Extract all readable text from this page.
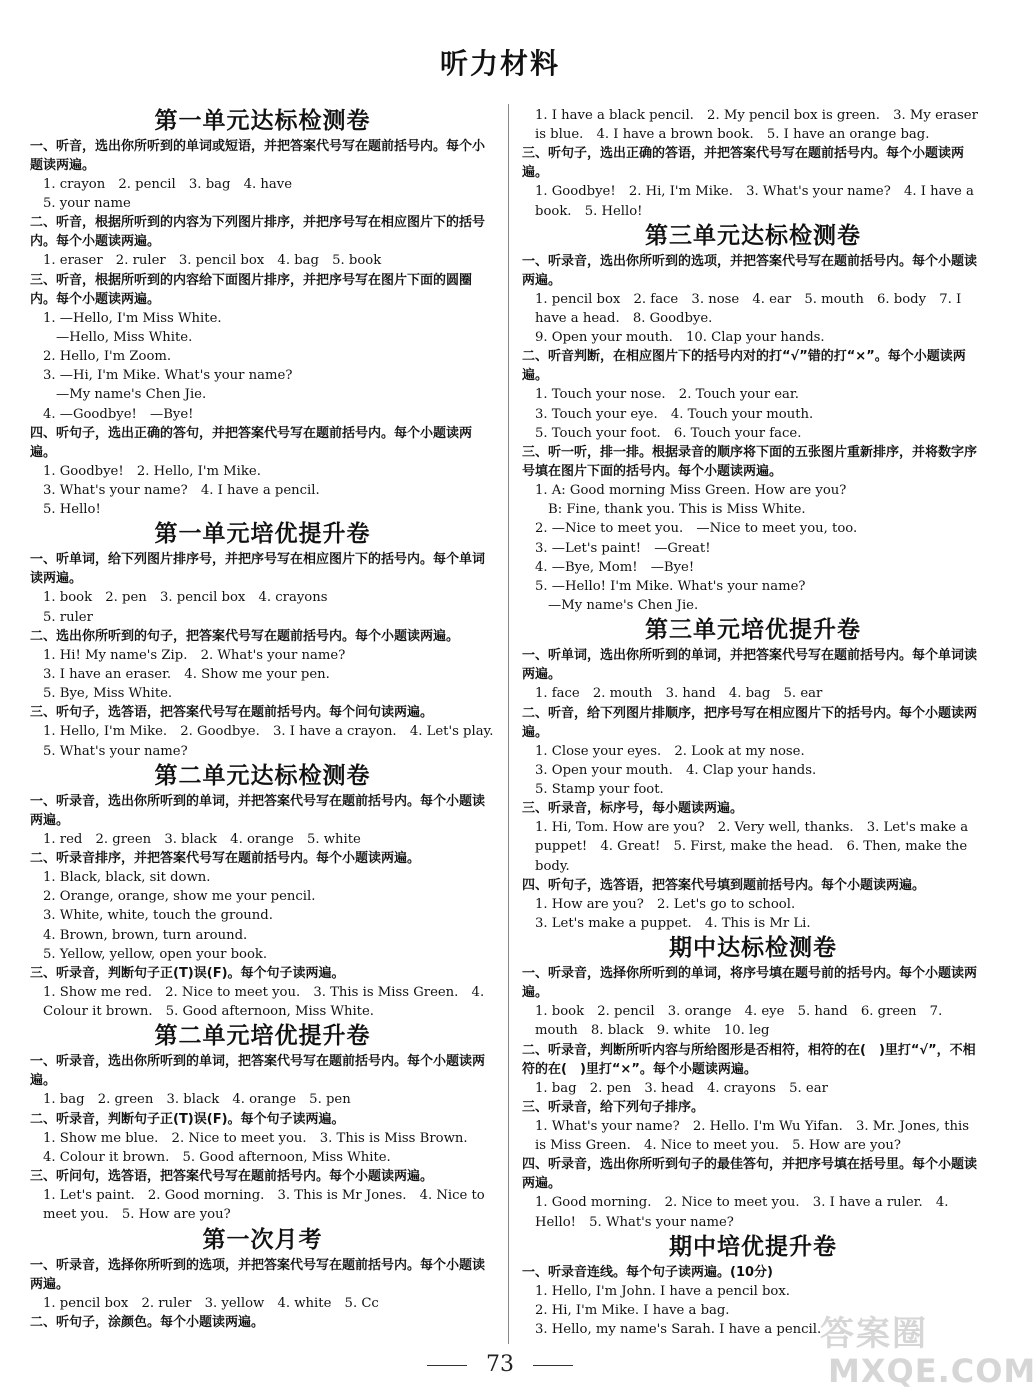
听力材料
第一单元达标检测卷
一、听音，选出你所听到的单词或短语，并把答案代号写在题前括号内。每个小题读两遍。
1. crayon　2. pencil　3. bag　4. have
5. your name
二、听音，根据所听到的内容为下列图片排序，并把序号写在相应图片下的括号内。每个小题读两遍。
1. eraser　2. ruler　3. pencil box　4. bag　5. book
三、听音，根据所听到的内容给下面图片排序，并把序号写在图片下面的圆圈内。每个小题读两遍。
1. —Hello, I'm Miss White.
—Hello, Miss White.
2. Hello, I'm Zoom.
3. —Hi, I'm Mike. What's your name?
—My name's Chen Jie.
4. —Goodbye!　—Bye!
四、听句子，选出正确的答句，并把答案代号写在题前括号内。每个小题读两遍。
1. Goodbye!　2. Hello, I'm Mike.
3. What's your name?　4. I have a pencil.
5. Hello!
第一单元培优提升卷
一、听单词，给下列图片排序号，并把序号写在相应图片下的括号内。每个单词读两遍。
1. book　2. pen　3. pencil box　4. crayons
5. ruler
二、选出你所听到的句子，把答案代号写在题前括号内。每个小题读两遍。
1. Hi! My name's Zip.　2. What's your name?
3. I have an eraser.　4. Show me your pen.
5. Bye, Miss White.
三、听句子，选答语，把答案代号写在题前括号内。每个问句读两遍。
1. Hello, I'm Mike.　2. Goodbye.　3. I have a crayon.　4. Let's play.　5. What's your name?
第二单元达标检测卷
一、听录音，选出你所听到的单词，并把答案代号写在题前括号内。每个小题读两遍。
1. red　2. green　3. black　4. orange　5. white
二、听录音排序，并把答案代号写在题前括号内。每个小题读两遍。
1. Black, black, sit down.
2. Orange, orange, show me your pencil.
3. White, white, touch the ground.
4. Brown, brown, turn around.
5. Yellow, yellow, open your book.
三、听录音，判断句子正(T)误(F)。每个句子读两遍。
1. Show me red.　2. Nice to meet you.　3. This is Miss Green.　4. Colour it brown.　5. Good afternoon, Miss White.
第二单元培优提升卷
一、听录音，选出你所听到的单词，把答案代号写在题前括号内。每个小题读两遍。
1. bag　2. green　3. black　4. orange　5. pen
二、听录音，判断句子正(T)误(F)。每个句子读两遍。
1. Show me blue.　2. Nice to meet you.　3. This is Miss Brown.
4. Colour it brown.　5. Good afternoon, Miss White.
三、听问句，选答语，把答案代号写在题前括号内。每个小题读两遍。
1. Let's paint.　2. Good morning.　3. This is Mr Jones.　4. Nice to meet you.　5. How are you?
第一次月考
一、听录音，选择你所听到的选项，并把答案代号写在题前括号内。每个小题读两遍。
1. pencil box　2. ruler　3. yellow　4. white　5. Cc
二、听句子，涂颜色。每个小题读两遍。
1. I have a black pencil.　2. My pencil box is green.　3. My eraser is blue.　4. I have a brown book.　5. I have an orange bag.
三、听句子，选出正确的答语，并把答案代号写在题前括号内。每个小题读两遍。
1. Goodbye!　2. Hi, I'm Mike.　3. What's your name?　4. I have a book.　5. Hello!
第三单元达标检测卷
一、听录音，选出你所听到的选项，并把答案代号写在题前括号内。每个小题读两遍。
1. pencil box　2. face　3. nose　4. ear　5. mouth　6. body　7. I have a head.　8. Goodbye.
9. Open your mouth.　10. Clap your hands.
二、听音判断，在相应图片下的括号内对的打“√”错的打“×”。每个小题读两遍。
1. Touch your nose.　2. Touch your ear.
3. Touch your eye.　4. Touch your mouth.
5. Touch your foot.　6. Touch your face.
三、听一听，排一排。根据录音的顺序将下面的五张图片重新排序，并将数字序号填在图片下面的括号内。每个小题读两遍。
1. A: Good morning Miss Green. How are you?
B: Fine, thank you. This is Miss White.
2. —Nice to meet you.　—Nice to meet you, too.
3. —Let's paint!　—Great!
4. —Bye, Mom!　—Bye!
5. —Hello! I'm Mike. What's your name?
—My name's Chen Jie.
第三单元培优提升卷
一、听单词，选出你所听到的单词，并把答案代号写在题前括号内。每个单词读两遍。
1. face　2. mouth　3. hand　4. bag　5. ear
二、听音，给下列图片排顺序，把序号写在相应图片下的括号内。每个小题读两遍。
1. Close your eyes.　2. Look at my nose.
3. Open your mouth.　4. Clap your hands.
5. Stamp your foot.
三、听录音，标序号，每小题读两遍。
1. Hi, Tom. How are you?　2. Very well, thanks.　3. Let's make a puppet!　4. Great!　5. First, make the head.　6. Then, make the body.
四、听句子，选答语，把答案代号填到题前括号内。每个小题读两遍。
1. How are you?　2. Let's go to school.
3. Let's make a puppet.　4. This is Mr Li.
期中达标检测卷
一、听录音，选择你所听到的单词，将序号填在题号前的括号内。每个小题读两遍。
1. book　2. pencil　3. orange　4. eye　5. hand　6. green　7. mouth　8. black　9. white　10. leg
二、听录音，判断所听内容与所给图形是否相符，相符的在(　)里打“√”，不相符的在(　)里打“×”。每个小题读两遍。
1. bag　2. pen　3. head　4. crayons　5. ear
三、听录音，给下列句子排序。
1. What's your name?　2. Hello. I'm Wu Yifan.　3. Mr. Jones, this is Miss Green.　4. Nice to meet you.　5. How are you?
四、听录音，选出你所听到句子的最佳答句，并把序号填在括号里。每个小题读两遍。
1. Good morning.　2. Nice to meet you.　3. I have a ruler.　4. Hello!　5. What's your name?
期中培优提升卷
一、听录音连线。每个句子读两遍。(10分)
1. Hello, I'm John. I have a pencil box.
2. Hi, I'm Mike. I have a bag.
3. Hello, my name's Sarah. I have a pencil.
73
答案圈
MXQE.COM
